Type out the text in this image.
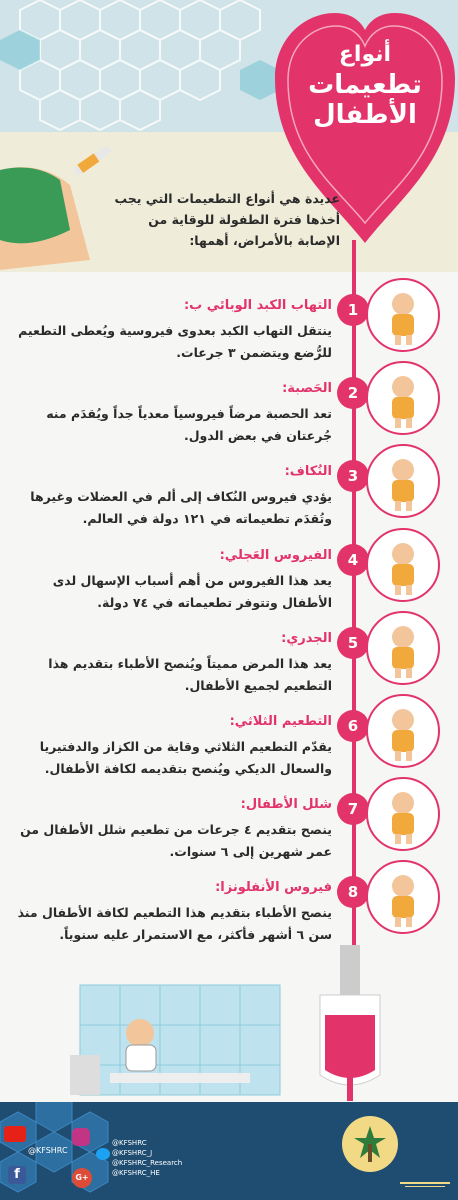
أنواع
تطعيمات
الأطفال
عديدة هي أنواع التطعيمات التي يجب أخذها فترة الطفولة للوقاية من الإصابة بالأمراض، أهمها:
1
التهاب الكبد الوبائي ب:
ينتقل التهاب الكبد بعدوى فيروسية ويُعطى التطعيم للرُّضع ويتضمن ٣ جرعات.
2
الحَصبة:
تعد الحصبة مرضاً فيروسياً معدياً جداً ويُقدَم منه جُرعتان في بعض الدول.
3
النُكاف:
يؤدي فيروس النُكاف إلى ألم في العضلات وغيرها وتُقدَم تطعيماته في ١٢١ دولة في العالم.
4
الفيروس العَجلي:
يعد هذا الفيروس من أهم أسباب الإسهال لدى الأطفال وتتوفر تطعيماته في ٧٤ دولة.
5
الجدري:
يعد هذا المرض مميتاً ويُنصح الأطباء بتقديم هذا التطعيم لجميع الأطفال.
6
التطعيم الثلاثي:
يقدّم التطعيم الثلاثي وقاية من الكزاز والدفتيريا والسعال الديكي ويُنصح بتقديمه لكافة الأطفال.
7
شلل الأطفال:
ينصح بتقديم ٤ جرعات من تطعيم شلل الأطفال من عمر شهرين إلى ٦ سنوات.
8
فيروس الأنفلونزا:
ينصح الأطباء بتقديم هذا التطعيم لكافة الأطفال منذ سن ٦ أشهر فأكثر، مع الاستمرار عليه سنوياً.
f	G+
@KFSHRC
@KFSHRC
@KFSHRC_J
@KFSHRC_Research
@KFSHRC_HE
